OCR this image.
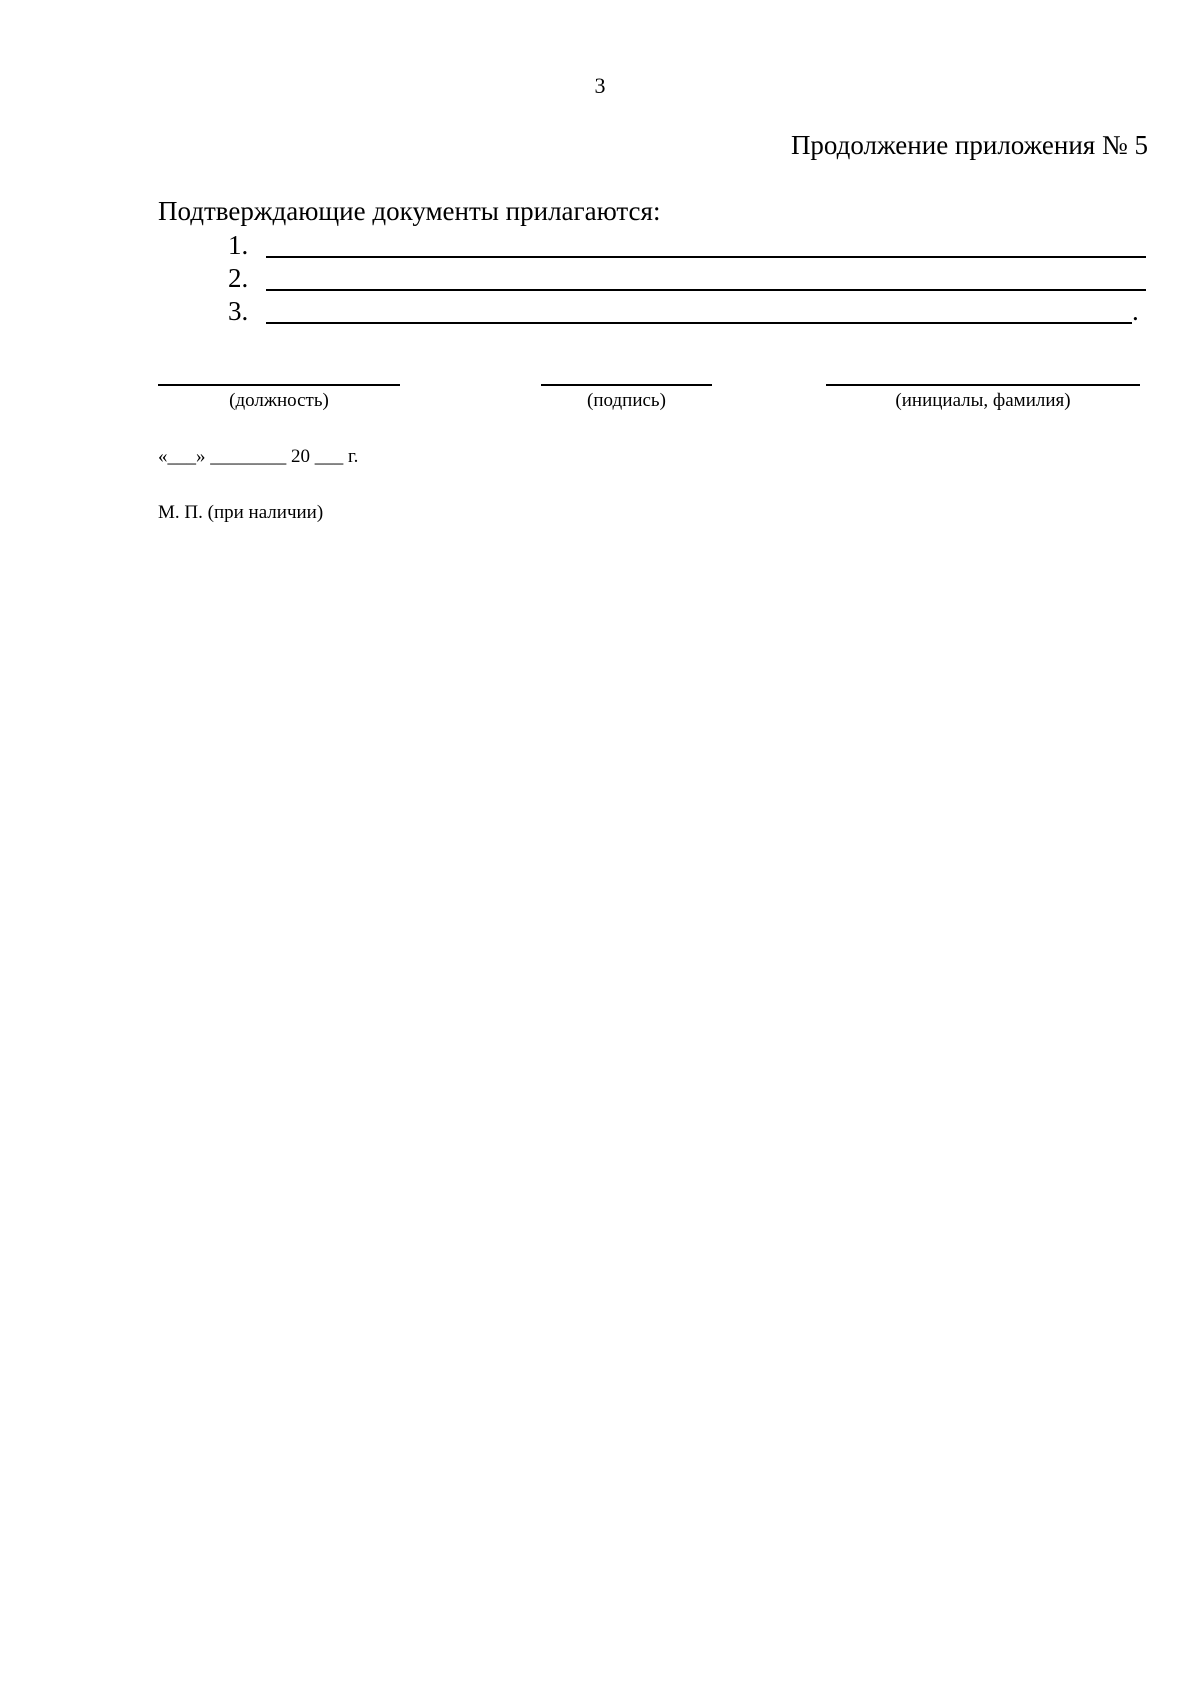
3
Продолжение приложения № 5
Подтверждающие документы прилагаются:
1.
2.
3.	.
(должность)	(подпись)	(инициалы, фамилия)
«___» ________ 20 ___ г.
М. П. (при наличии)
